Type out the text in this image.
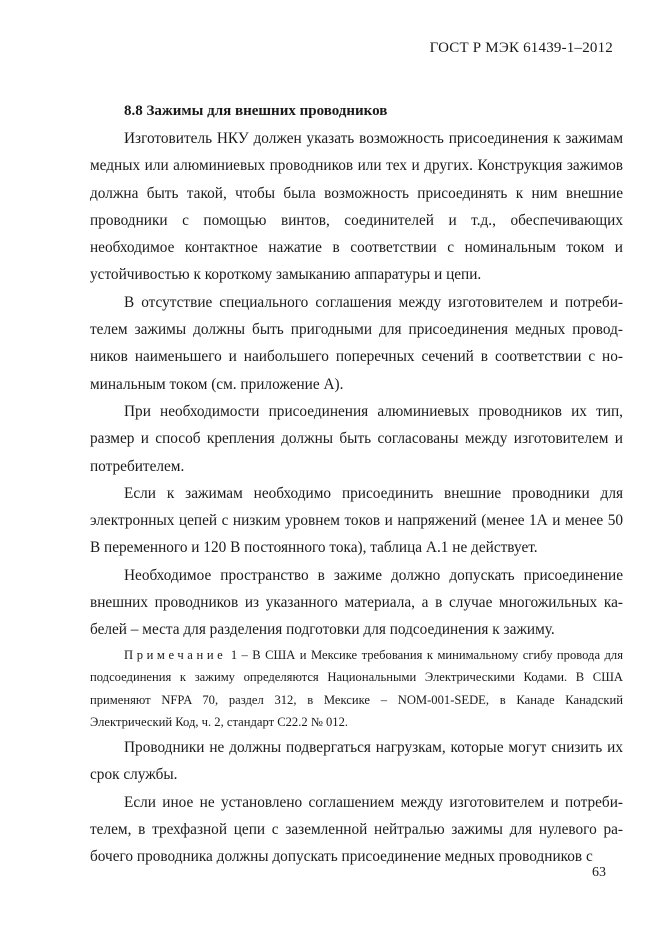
ГОСТ Р МЭК 61439-1–2012

8.8 Зажимы для внешних проводников

Изготовитель НКУ должен указать возможность присоединения к зажимам медных или алюминиевых проводников или тех и других. Конструкция зажимов должна быть такой, чтобы была возможность присоединять к ним внешние проводники с помощью винтов, соединителей и т.д., обеспечивающих необходимое контактное нажатие в соответствии с номинальным током и устойчивостью к короткому замыканию аппаратуры и цепи.

В отсутствие специального соглашения между изготовителем и потребителем зажимы должны быть пригодными для присоединения медных проводников наименьшего и наибольшего поперечных сечений в соответствии с номинальным током (см. приложение А).

При необходимости присоединения алюминиевых проводников их тип, размер и способ крепления должны быть согласованы между изготовителем и потребителем.

Если к зажимам необходимо присоединить внешние проводники для электронных цепей с низким уровнем токов и напряжений (менее 1А и менее 50 В переменного и 120 В постоянного тока), таблица А.1 не действует.

Необходимое пространство в зажиме должно допускать присоединение внешних проводников из указанного материала, а в случае многожильных кабелей – места для разделения подготовки для подсоединения к зажиму.

Примечание 1 – В США и Мексике требования к минимальному сгибу провода для подсоединения к зажиму определяются Национальными Электрическими Кодами. В США применяют NFPA 70, раздел 312, в Мексике – NOM-001-SEDE, в Канаде Канадский Электрический Код, ч. 2, стандарт C22.2 № 012.

Проводники не должны подвергаться нагрузкам, которые могут снизить их срок службы.

Если иное не установлено соглашением между изготовителем и потребителем, в трехфазной цепи с заземленной нейтралью зажимы для нулевого рабочего проводника должны допускать присоединение медных проводников с

63
